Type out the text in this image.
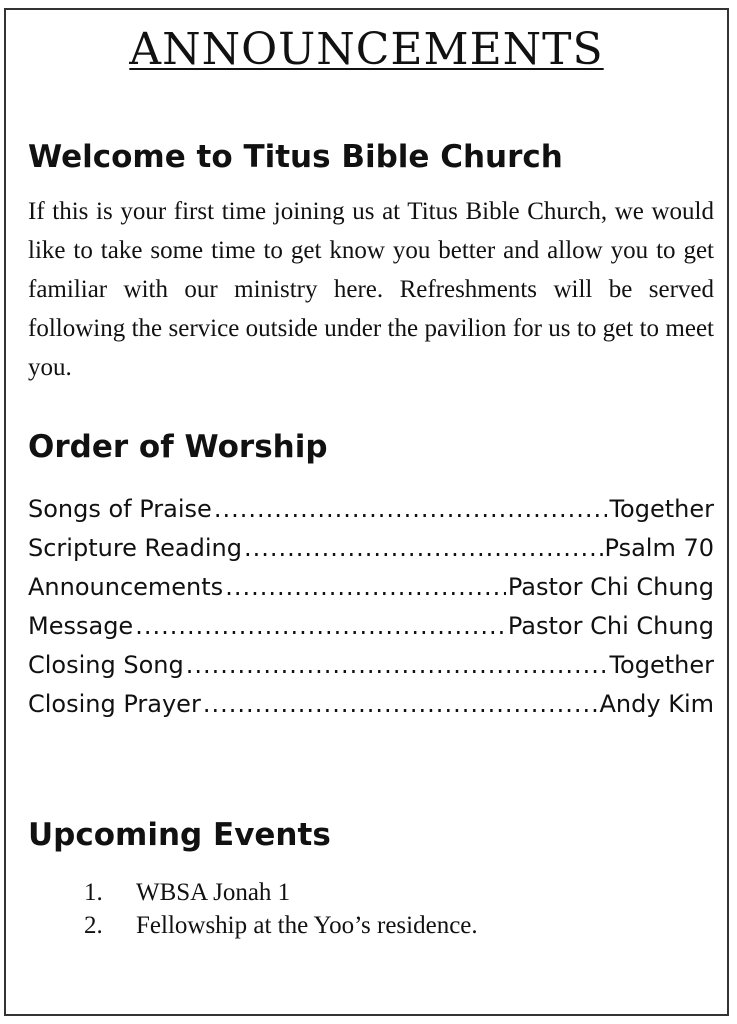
ANNOUNCEMENTS
Welcome to Titus Bible Church

If this is your first time joining us at Titus Bible Church, we would like to take some time to get know you better and allow you to get familiar with our ministry here. Refreshments will be served following the service outside under the pavilion for us to get to meet you.

Order of Worship
Songs of Praise .....	Together
Scripture Reading .....	Psalm 70
Announcements .....	Pastor Chi Chung
Message .....	Pastor Chi Chung
Closing Song .....	Together
Closing Prayer .....	Andy Kim
Upcoming Events
1.	WBSA Jonah 1
2.	Fellowship at the Yoo’s residence.
